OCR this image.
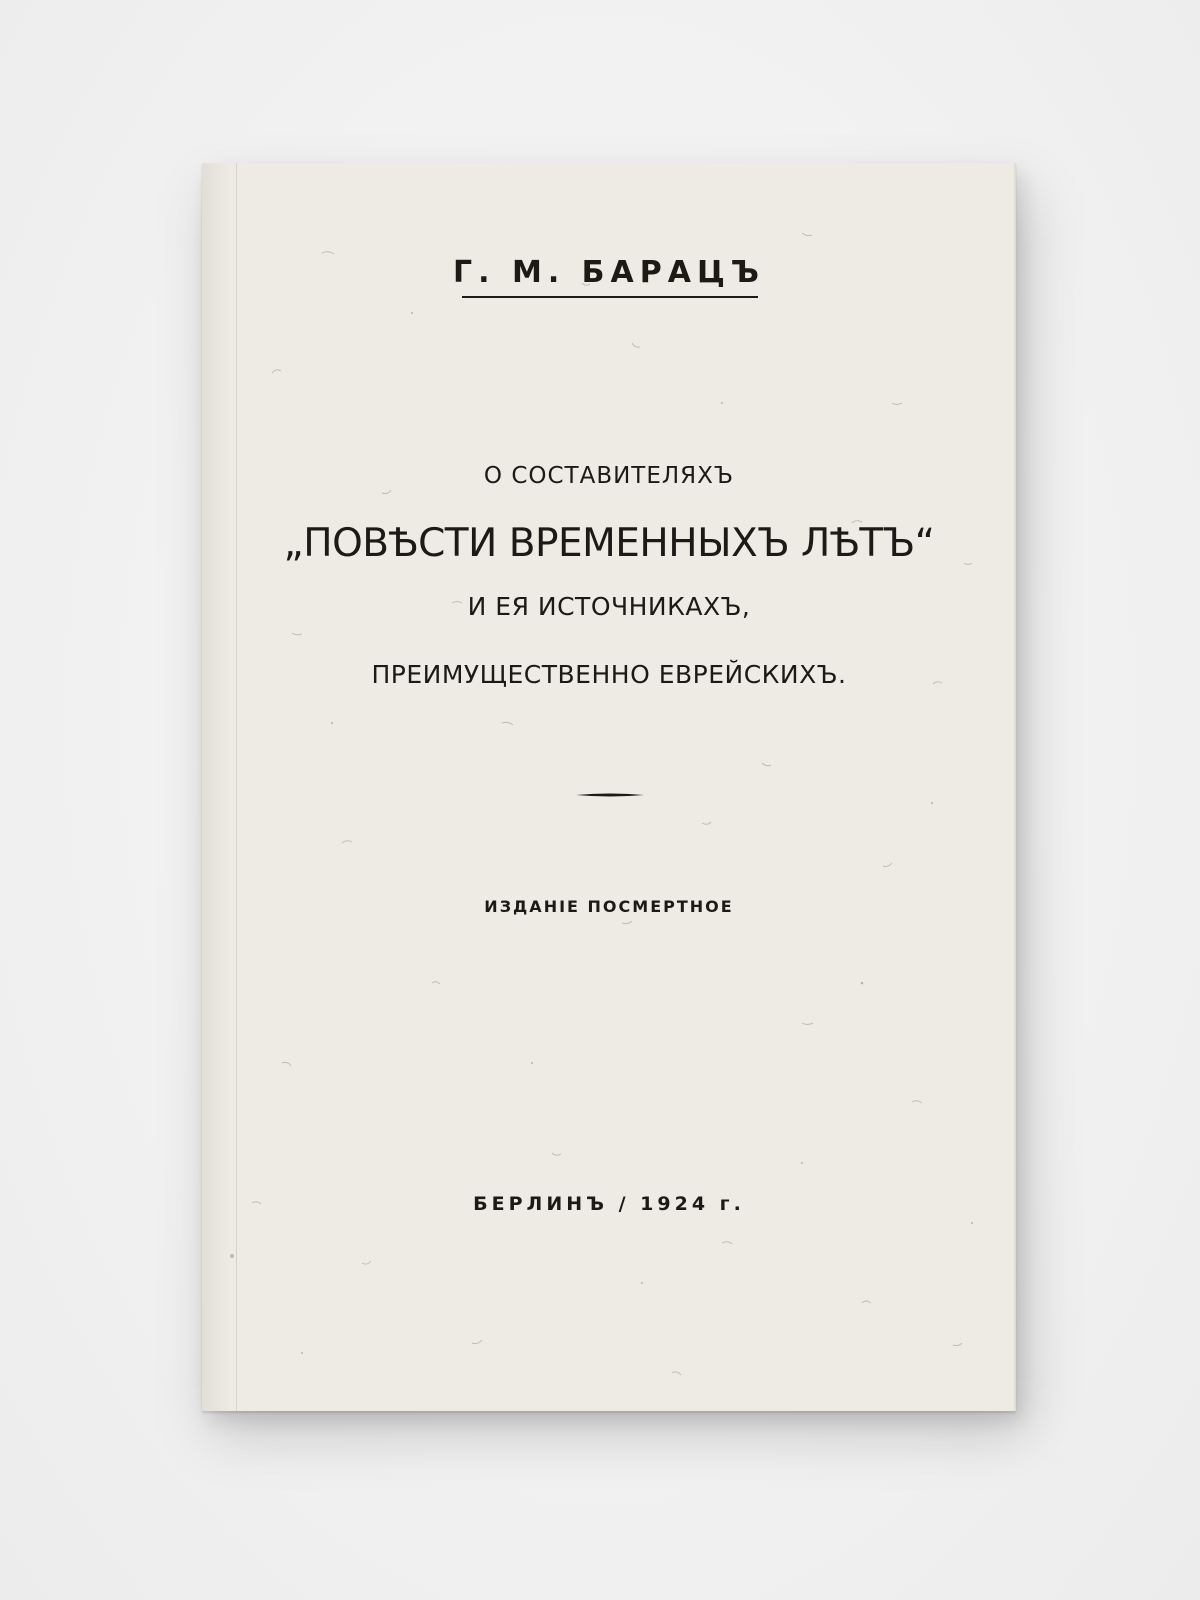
Г. М. БАРАЦЪ

О СОСТАВИТЕЛЯХЪ

„ПОВѢСТИ ВРЕМЕННЫХЪ ЛѢТЪ“

И ЕЯ ИСТОЧНИКАХЪ,

ПРЕИМУЩЕСТВЕННО ЕВРЕЙСКИХЪ.

ИЗДАНІЕ ПОСМЕРТНОЕ

БЕРЛИНЪ / 1924 г.
